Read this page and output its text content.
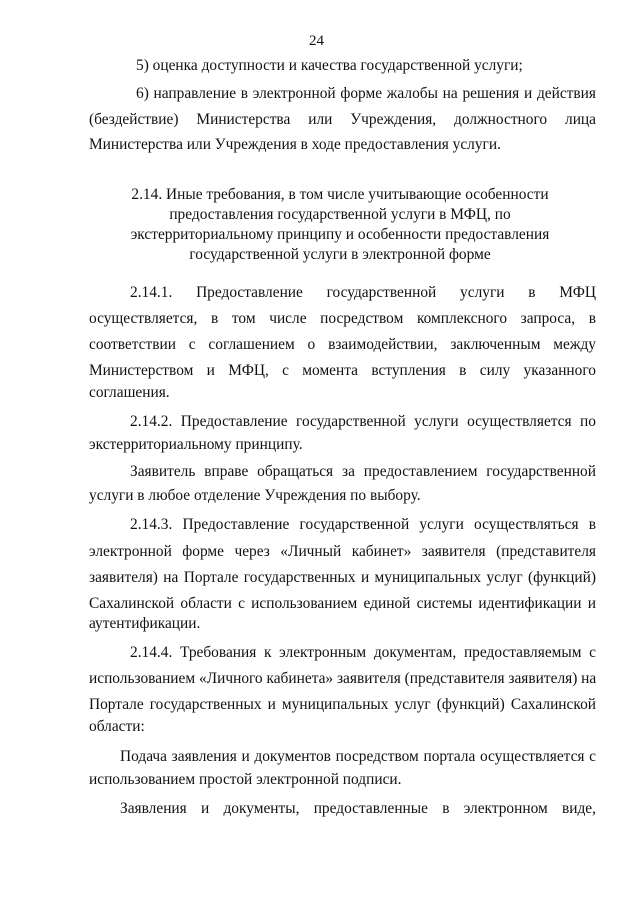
24
5) оценка доступности и качества государственной услуги;
6) направление в электронной форме жалобы на решения и действия
(бездействие) Министерства или Учреждения, должностного лица
Министерства или Учреждения в ходе предоставления услуги.
2.14. Иные требования, в том числе учитывающие особенности
предоставления государственной услуги в МФЦ, по
экстерриториальному принципу и особенности предоставления
государственной услуги в электронной форме
2.14.1. Предоставление государственной услуги в МФЦ
осуществляется, в том числе посредством комплексного запроса, в
соответствии с соглашением о взаимодействии, заключенным между
Министерством и МФЦ, с момента вступления в силу указанного
соглашения.
2.14.2. Предоставление государственной услуги осуществляется по
экстерриториальному принципу.
Заявитель вправе обращаться за предоставлением государственной
услуги в любое отделение Учреждения по выбору.
2.14.3. Предоставление государственной услуги осуществляться в
электронной форме через «Личный кабинет» заявителя (представителя
заявителя) на Портале государственных и муниципальных услуг (функций)
Сахалинской области с использованием единой системы идентификации и
аутентификации.
2.14.4. Требования к электронным документам, предоставляемым с
использованием «Личного кабинета» заявителя (представителя заявителя) на
Портале государственных и муниципальных услуг (функций) Сахалинской
области:
Подача заявления и документов посредством портала осуществляется с
использованием простой электронной подписи.
Заявления и документы, предоставленные в электронном виде,
